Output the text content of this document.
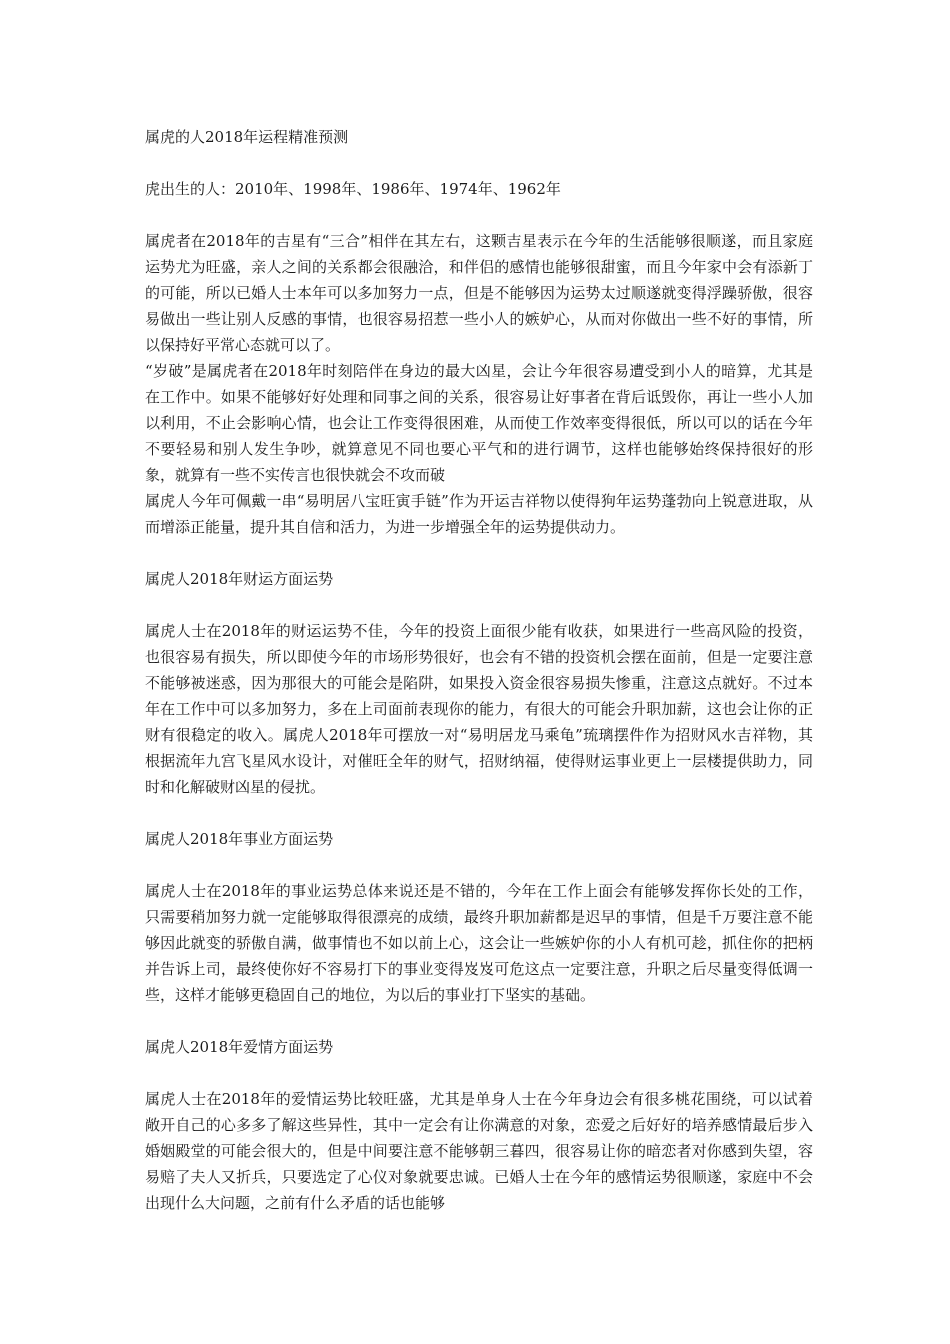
属虎的人2018年运程精准预测

虎出生的人：2010年、1998年、1986年、1974年、1962年

属虎者在2018年的吉星有“三合”相伴在其左右，这颗吉星表示在今年的生活能够很顺遂，而且家庭运势尤为旺盛，亲人之间的关系都会很融洽，和伴侣的感情也能够很甜蜜，而且今年家中会有添新丁的可能，所以已婚人士本年可以多加努力一点，但是不能够因为运势太过顺遂就变得浮躁骄傲，很容易做出一些让别人反感的事情，也很容易招惹一些小人的嫉妒心，从而对你做出一些不好的事情，所以保持好平常心态就可以了。

“岁破”是属虎者在2018年时刻陪伴在身边的最大凶星，会让今年很容易遭受到小人的暗算，尤其是在工作中。如果不能够好好处理和同事之间的关系，很容易让好事者在背后诋毁你，再让一些小人加以利用，不止会影响心情，也会让工作变得很困难，从而使工作效率变得很低，所以可以的话在今年不要轻易和别人发生争吵，就算意见不同也要心平气和的进行调节，这样也能够始终保持很好的形象，就算有一些不实传言也很快就会不攻而破

属虎人今年可佩戴一串“易明居八宝旺寅手链”作为开运吉祥物以使得狗年运势蓬勃向上锐意进取，从而增添正能量，提升其自信和活力，为进一步增强全年的运势提供动力。

属虎人2018年财运方面运势

属虎人士在2018年的财运运势不佳，今年的投资上面很少能有收获，如果进行一些高风险的投资，也很容易有损失，所以即使今年的市场形势很好，也会有不错的投资机会摆在面前，但是一定要注意不能够被迷惑，因为那很大的可能会是陷阱，如果投入资金很容易损失惨重，注意这点就好。不过本年在工作中可以多加努力，多在上司面前表现你的能力，有很大的可能会升职加薪，这也会让你的正财有很稳定的收入。属虎人2018年可摆放一对“易明居龙马乘龟”琉璃摆件作为招财风水吉祥物，其根据流年九宫飞星风水设计，对催旺全年的财气，招财纳福，使得财运事业更上一层楼提供助力，同时和化解破财凶星的侵扰。

属虎人2018年事业方面运势

属虎人士在2018年的事业运势总体来说还是不错的，今年在工作上面会有能够发挥你长处的工作，只需要稍加努力就一定能够取得很漂亮的成绩，最终升职加薪都是迟早的事情，但是千万要注意不能够因此就变的骄傲自满，做事情也不如以前上心，这会让一些嫉妒你的小人有机可趁，抓住你的把柄并告诉上司，最终使你好不容易打下的事业变得岌岌可危这点一定要注意，升职之后尽量变得低调一些，这样才能够更稳固自己的地位，为以后的事业打下坚实的基础。

属虎人2018年爱情方面运势

属虎人士在2018年的爱情运势比较旺盛，尤其是单身人士在今年身边会有很多桃花围绕，可以试着敞开自己的心多多了解这些异性，其中一定会有让你满意的对象，恋爱之后好好的培养感情最后步入婚姻殿堂的可能会很大的，但是中间要注意不能够朝三暮四，很容易让你的暗恋者对你感到失望，容易赔了夫人又折兵，只要选定了心仪对象就要忠诚。已婚人士在今年的感情运势很顺遂，家庭中不会出现什么大问题，之前有什么矛盾的话也能够
